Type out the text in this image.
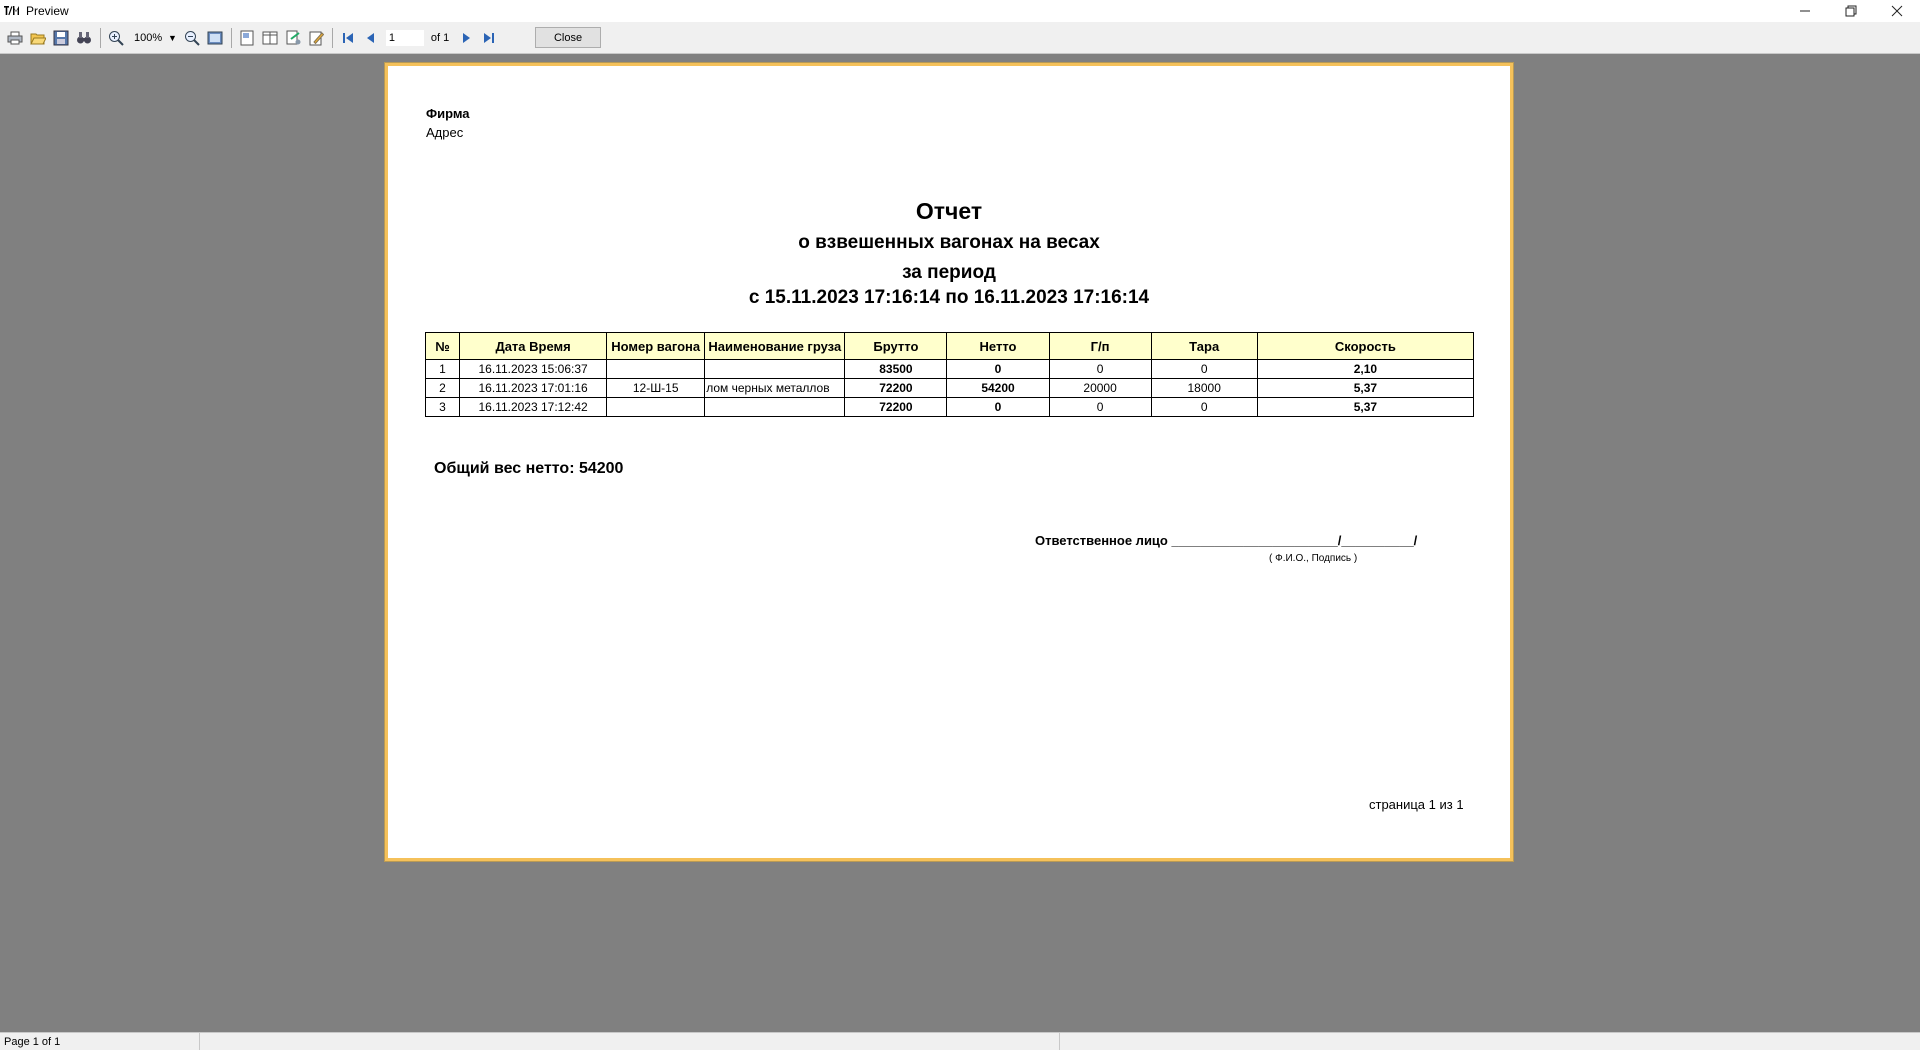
Preview
100% ▼
1	of 1	Close
Фирма
Адрес
Отчет
о взвешенных вагонах на весах
за период
с 15.11.2023 17:16:14 по 16.11.2023 17:16:14
№	Дата Время	Номер вагона	Наименование груза	Брутто	Нетто	Г/п	Тара	Скорость
1	16.11.2023 15:06:37			83500	0	0	0	2,10
2	16.11.2023 17:01:16	12-Ш-15	лом черных металлов	72200	54200	20000	18000	5,37
3	16.11.2023 17:12:42			72200	0	0	0	5,37
Общий вес нетто: 54200
Ответственное лицо _______________________/__________/
( Ф.И.О., Подпись )
страница 1 из 1
Page 1 of 1
